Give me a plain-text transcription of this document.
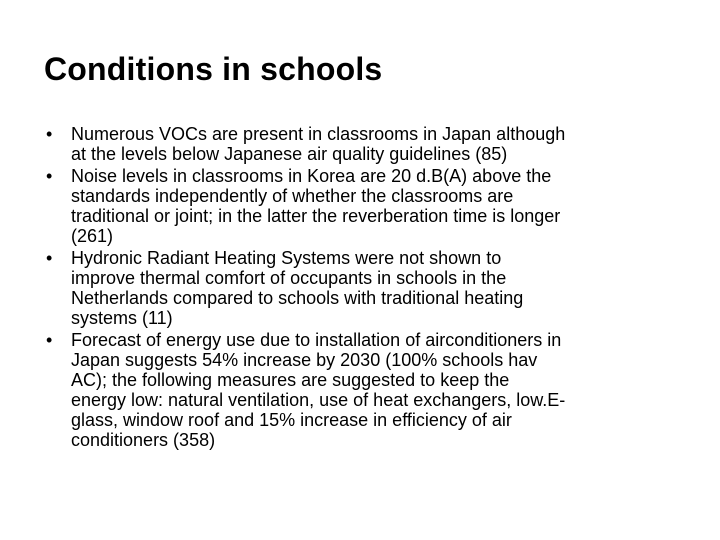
Conditions in schools
•	Numerous VOCs are present in classrooms in Japan although
at the levels below Japanese air quality guidelines (85)
•	Noise levels in classrooms in Korea are 20 d.B(A) above the
standards independently of whether the classrooms are
traditional or joint; in the latter the reverberation time is longer
(261)
•	Hydronic Radiant Heating Systems were not shown to
improve thermal comfort of occupants in schools in the
Netherlands compared to schools with traditional heating
systems (11)
•	Forecast of energy use due to installation of airconditioners in
Japan suggests 54% increase by 2030 (100% schools hav
AC); the following measures are suggested to keep the
energy low: natural ventilation, use of heat exchangers, low.E-
glass, window roof and 15% increase in efficiency of air
conditioners (358)
